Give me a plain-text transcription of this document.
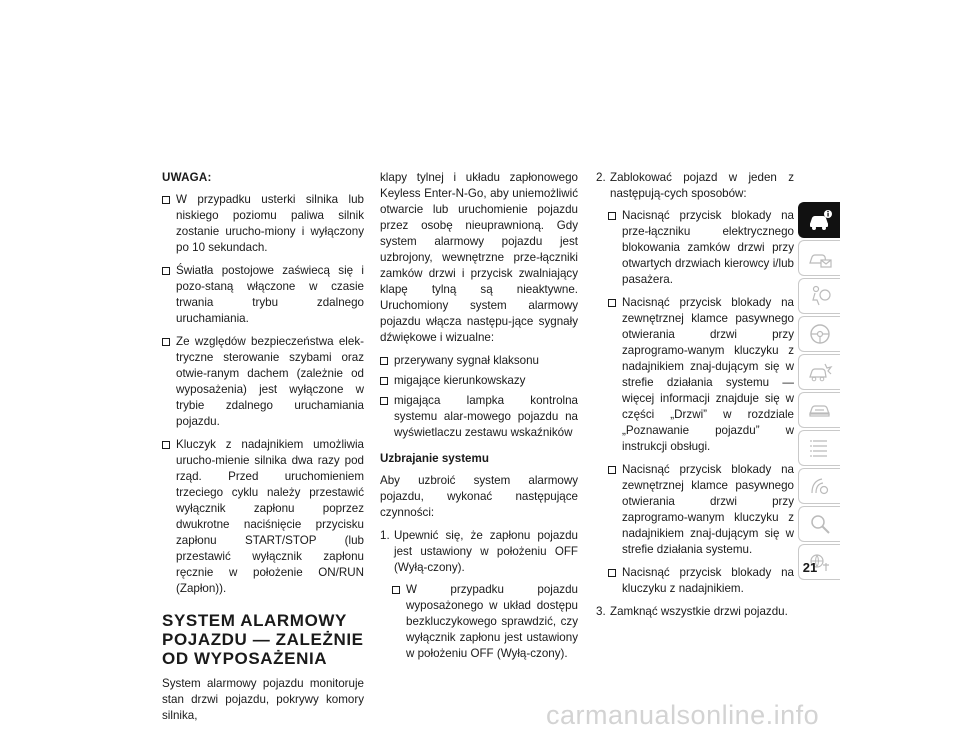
UWAGA:
W przypadku usterki silnika lub niskiego poziomu paliwa silnik zostanie urucho-miony i wyłączony po 10 sekundach.
Światła postojowe zaświecą się i pozo-staną włączone w czasie trwania trybu zdalnego uruchamiania.
Ze względów bezpieczeństwa elek-tryczne sterowanie szybami oraz otwie-ranym dachem (zależnie od wyposażenia) jest wyłączone w trybie zdalnego uruchamiania pojazdu.
Kluczyk z nadajnikiem umożliwia urucho-mienie silnika dwa razy pod rząd. Przed uruchomieniem trzeciego cyklu należy przestawić wyłącznik zapłonu poprzez dwukrotne naciśnięcie przycisku zapłonu START/STOP (lub przestawić wyłącznik zapłonu ręcznie w położenie ON/RUN (Zapłon)).
SYSTEM ALARMOWY POJAZDU — ZALEŻNIE OD WYPOSAŻENIA

System alarmowy pojazdu monitoruje stan drzwi pojazdu, pokrywy komory silnika,

klapy tylnej i układu zapłonowego Keyless Enter-N-Go, aby uniemożliwić otwarcie lub uruchomienie pojazdu przez osobę nieuprawnioną. Gdy system alarmowy pojazdu jest uzbrojony, wewnętrzne prze-łączniki zamków drzwi i przycisk zwalniający klapę tylną są nieaktywne. Uruchomiony system alarmowy pojazdu włącza następu-jące sygnały dźwiękowe i wizualne:

przerywany sygnał klaksonu
migające kierunkowskazy
migająca lampka kontrolna systemu alar-mowego pojazdu na wyświetlaczu zestawu wskaźników
Uzbrajanie systemu

Aby uzbroić system alarmowy pojazdu, wykonać następujące czynności:

1. Upewnić się, że zapłonu pojazdu jest ustawiony w położeniu OFF (Wyłą-czony).
W przypadku pojazdu wyposażonego w układ dostępu bezkluczykowego sprawdzić, czy wyłącznik zapłonu jest ustawiony w położeniu OFF (Wyłą-czony).
2. Zablokować pojazd w jeden z następują-cych sposobów:
Nacisnąć przycisk blokady na prze-łączniku elektrycznego blokowania zamków drzwi przy otwartych drzwiach kierowcy i/lub pasażera.
Nacisnąć przycisk blokady na zewnętrznej klamce pasywnego otwierania drzwi przy zaprogramo-wanym kluczyku z nadajnikiem znaj-dującym się w strefie działania systemu — więcej informacji znajduje się w części „Drzwi” w rozdziale „Poznawanie pojazdu” w instrukcji obsługi.
Nacisnąć przycisk blokady na zewnętrznej klamce pasywnego otwierania drzwi przy zaprogramo-wanym kluczyku z nadajnikiem znaj-dującym się w strefie działania systemu.
Nacisnąć przycisk blokady na kluczyku z nadajnikiem.
3. Zamknąć wszystkie drzwi pojazdu.
21
carmanualsonline.info
